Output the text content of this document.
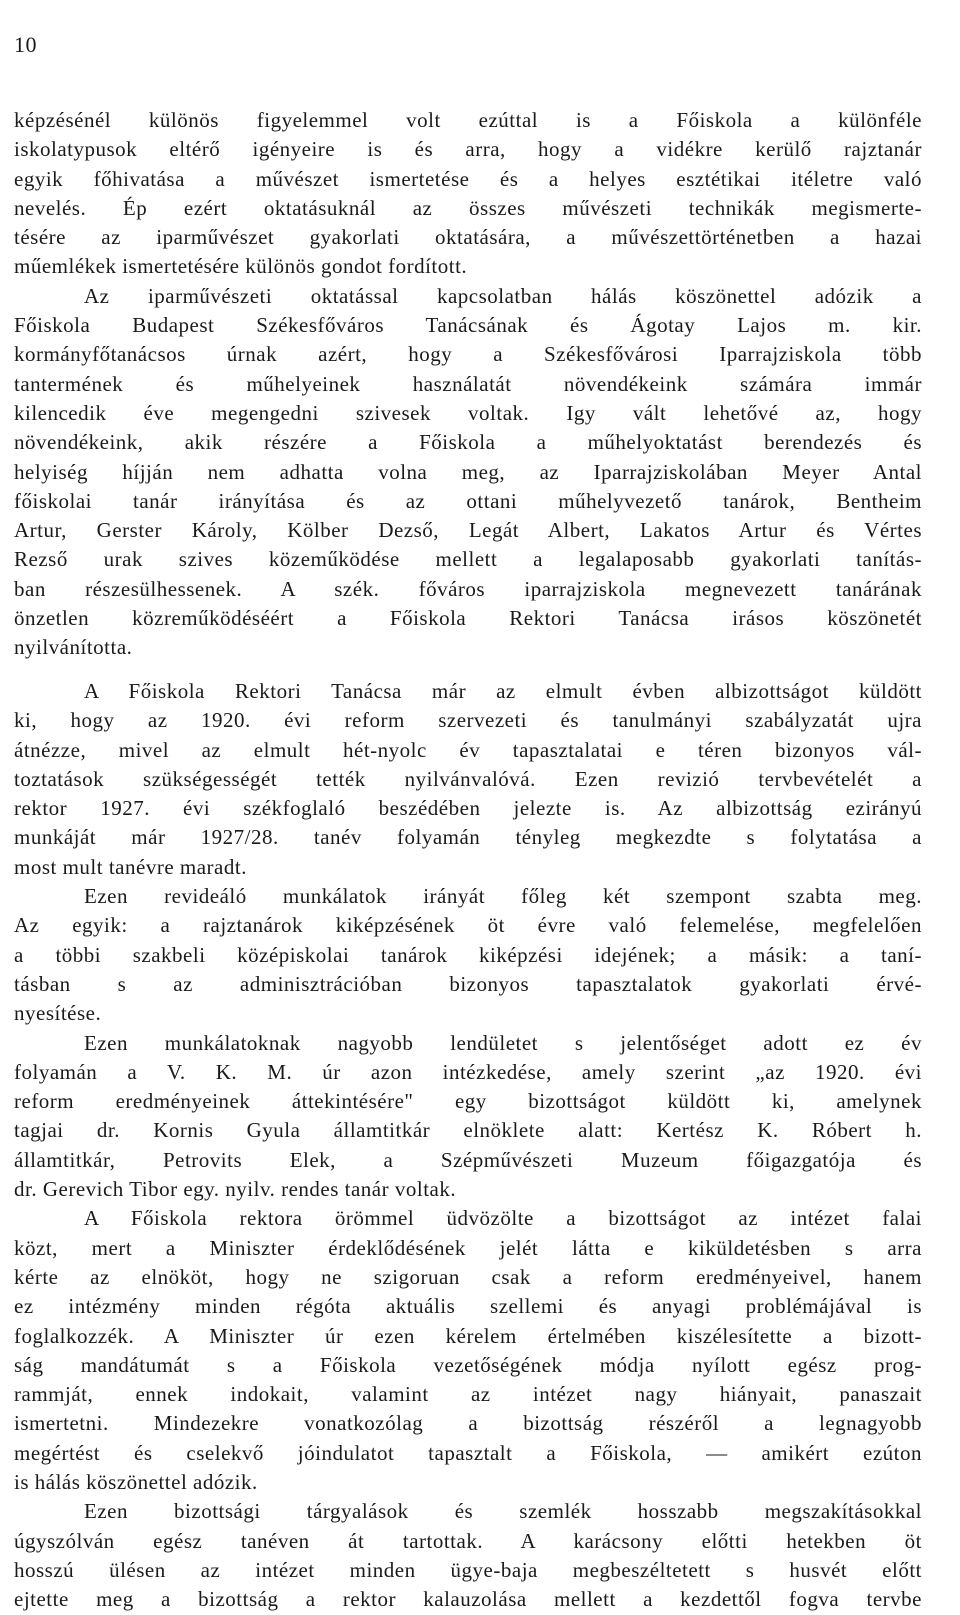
10
képzésénél különös figyelemmel volt ezúttal is a Főiskola a különféle
iskolatypusok eltérő igényeire is és arra, hogy a vidékre kerülő rajztanár
egyik főhivatása a művészet ismertetése és a helyes esztétikai itéletre való
nevelés. Ép ezért oktatásuknál az összes művészeti technikák megismerte-
tésére az iparművészet gyakorlati oktatására, a művészettörténetben a hazai
műemlékek ismertetésére különös gondot fordított.
Az iparművészeti oktatással kapcsolatban hálás köszönettel adózik a
Főiskola Budapest Székesfőváros Tanácsának és Ágotay Lajos m. kir.
kormányfőtanácsos úrnak azért, hogy a Székesfővárosi Iparrajziskola több
tantermének és műhelyeinek használatát növendékeink számára immár
kilencedik éve megengedni szivesek voltak. Igy vált lehetővé az, hogy
növendékeink, akik részére a Főiskola a műhelyoktatást berendezés és
helyiség híjján nem adhatta volna meg, az Iparrajziskolában Meyer Antal
főiskolai tanár irányítása és az ottani műhelyvezető tanárok, Bentheim
Artur, Gerster Károly, Kölber Dezső, Legát Albert, Lakatos Artur és Vértes
Rezső urak szives közeműködése mellett a legalaposabb gyakorlati tanítás-
ban részesülhessenek. A szék. főváros iparrajziskola megnevezett tanárának
önzetlen közreműködéséért a Főiskola Rektori Tanácsa irásos köszönetét
nyilvánította.
A Főiskola Rektori Tanácsa már az elmult évben albizottságot küldött
ki, hogy az 1920. évi reform szervezeti és tanulmányi szabályzatát ujra
átnézze, mivel az elmult hét-nyolc év tapasztalatai e téren bizonyos vál-
toztatások szükségességét tették nyilvánvalóvá. Ezen revizió tervbevételét a
rektor 1927. évi székfoglaló beszédében jelezte is. Az albizottság ezirányú
munkáját már 1927/28. tanév folyamán tényleg megkezdte s folytatása a
most mult tanévre maradt.
Ezen revideáló munkálatok irányát főleg két szempont szabta meg.
Az egyik: a rajztanárok kiképzésének öt évre való felemelése, megfelelően
a többi szakbeli középiskolai tanárok kiképzési idejének; a másik: a taní-
tásban s az adminisztrációban bizonyos tapasztalatok gyakorlati érvé-
nyesítése.
Ezen munkálatoknak nagyobb lendületet s jelentőséget adott ez év
folyamán a V. K. M. úr azon intézkedése, amely szerint „az 1920. évi
reform eredményeinek áttekintésére" egy bizottságot küldött ki, amelynek
tagjai dr. Kornis Gyula államtitkár elnöklete alatt: Kertész K. Róbert h.
államtitkár, Petrovits Elek, a Szépművészeti Muzeum főigazgatója és
dr. Gerevich Tibor egy. nyilv. rendes tanár voltak.
A Főiskola rektora örömmel üdvözölte a bizottságot az intézet falai
közt, mert a Miniszter érdeklődésének jelét látta e kiküldetésben s arra
kérte az elnököt, hogy ne szigoruan csak a reform eredményeivel, hanem
ez intézmény minden régóta aktuális szellemi és anyagi problémájával is
foglalkozzék. A Miniszter úr ezen kérelem értelmében kiszélesítette a bizott-
ság mandátumát s a Főiskola vezetőségének módja nyílott egész prog-
rammját, ennek indokait, valamint az intézet nagy hiányait, panaszait
ismertetni. Mindezekre vonatkozólag a bizottság részéről a legnagyobb
megértést és cselekvő jóindulatot tapasztalt a Főiskola, — amikért ezúton
is hálás köszönettel adózik.
Ezen bizottsági tárgyalások és szemlék hosszabb megszakításokkal
úgyszólván egész tanéven át tartottak. A karácsony előtti hetekben öt
hosszú ülésen az intézet minden ügye-baja megbeszéltetett s husvét előtt
ejtette meg a bizottság a rektor kalauzolása mellett a kezdettől fogva tervbe
